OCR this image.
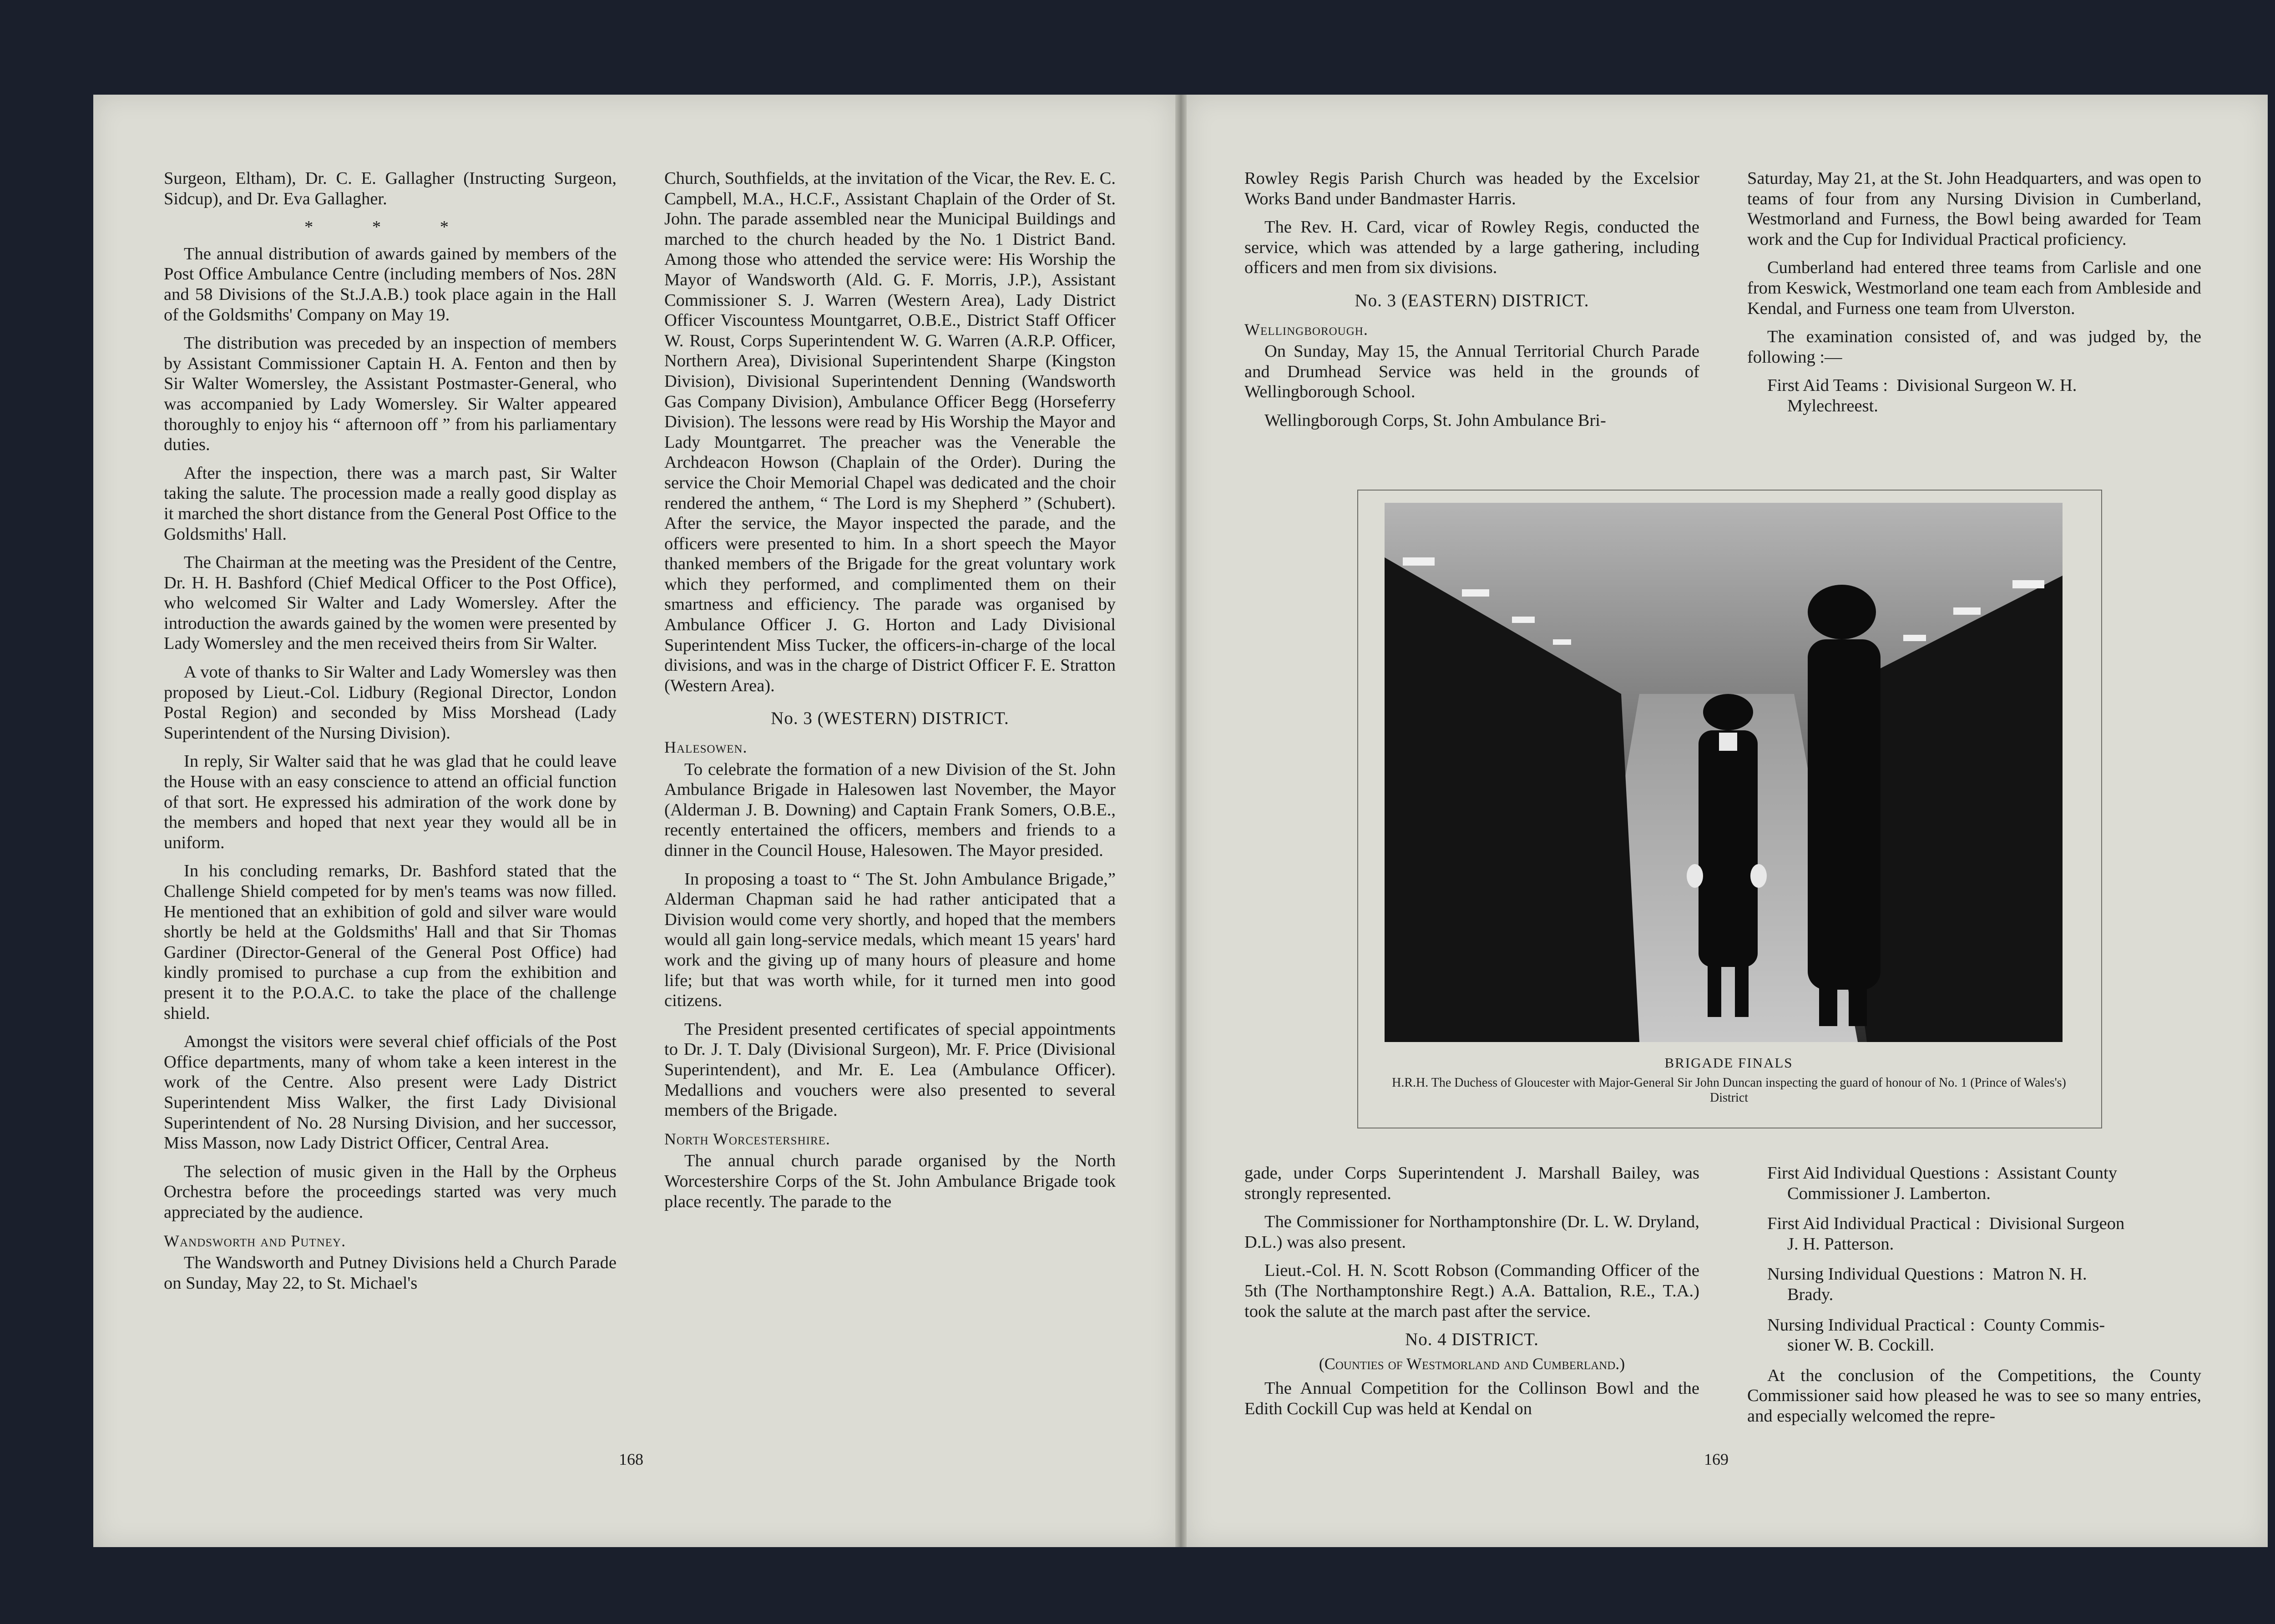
Surgeon, Eltham), Dr. C. E. Gallagher (Instructing Surgeon, Sidcup), and Dr. Eva Gallagher.

* * *

The annual distribution of awards gained by members of the Post Office Ambulance Centre (including members of Nos. 28N and 58 Divisions of the St.J.A.B.) took place again in the Hall of the Goldsmiths' Company on May 19.

The distribution was preceded by an inspection of members by Assistant Commissioner Captain H. A. Fenton and then by Sir Walter Womersley, the Assistant Postmaster-General, who was accompanied by Lady Womersley. Sir Walter appeared thoroughly to enjoy his “ afternoon off ” from his parliamentary duties.

After the inspection, there was a march past, Sir Walter taking the salute. The procession made a really good display as it marched the short distance from the General Post Office to the Goldsmiths' Hall.

The Chairman at the meeting was the President of the Centre, Dr. H. H. Bashford (Chief Medical Officer to the Post Office), who welcomed Sir Walter and Lady Womersley. After the introduction the awards gained by the women were presented by Lady Womersley and the men received theirs from Sir Walter.

A vote of thanks to Sir Walter and Lady Womersley was then proposed by Lieut.-Col. Lidbury (Regional Director, London Postal Region) and seconded by Miss Morshead (Lady Superintendent of the Nursing Division).

In reply, Sir Walter said that he was glad that he could leave the House with an easy conscience to attend an official function of that sort. He expressed his admiration of the work done by the members and hoped that next year they would all be in uniform.

In his concluding remarks, Dr. Bashford stated that the Challenge Shield competed for by men's teams was now filled. He mentioned that an exhibition of gold and silver ware would shortly be held at the Goldsmiths' Hall and that Sir Thomas Gardiner (Director-General of the General Post Office) had kindly promised to purchase a cup from the exhibition and present it to the P.O.A.C. to take the place of the challenge shield.

Amongst the visitors were several chief officials of the Post Office departments, many of whom take a keen interest in the work of the Centre. Also present were Lady District Superintendent Miss Walker, the first Lady Divisional Superintendent of No. 28 Nursing Division, and her successor, Miss Masson, now Lady District Officer, Central Area.

The selection of music given in the Hall by the Orpheus Orchestra before the proceedings started was very much appreciated by the audience.

Wandsworth and Putney.

The Wandsworth and Putney Divisions held a Church Parade on Sunday, May 22, to St. Michael's

Church, Southfields, at the invitation of the Vicar, the Rev. E. C. Campbell, M.A., H.C.F., Assistant Chaplain of the Order of St. John. The parade assembled near the Municipal Buildings and marched to the church headed by the No. 1 District Band. Among those who attended the service were: His Worship the Mayor of Wandsworth (Ald. G. F. Morris, J.P.), Assistant Commissioner S. J. Warren (Western Area), Lady District Officer Viscountess Mountgarret, O.B.E., District Staff Officer W. Roust, Corps Superintendent W. G. Warren (A.R.P. Officer, Northern Area), Divisional Superintendent Sharpe (Kingston Division), Divisional Superintendent Denning (Wandsworth Gas Company Division), Ambulance Officer Begg (Horseferry Division). The lessons were read by His Worship the Mayor and Lady Mountgarret. The preacher was the Venerable the Archdeacon Howson (Chaplain of the Order). During the service the Choir Memorial Chapel was dedicated and the choir rendered the anthem, “ The Lord is my Shepherd ” (Schubert). After the service, the Mayor inspected the parade, and the officers were presented to him. In a short speech the Mayor thanked members of the Brigade for the great voluntary work which they performed, and complimented them on their smartness and efficiency. The parade was organised by Ambulance Officer J. G. Horton and Lady Divisional Superintendent Miss Tucker, the officers-in-charge of the local divisions, and was in the charge of District Officer F. E. Stratton (Western Area).

No. 3 (WESTERN) DISTRICT.

Halesowen.

To celebrate the formation of a new Division of the St. John Ambulance Brigade in Halesowen last November, the Mayor (Alderman J. B. Downing) and Captain Frank Somers, O.B.E., recently entertained the officers, members and friends to a dinner in the Council House, Halesowen. The Mayor presided.

In proposing a toast to “ The St. John Ambulance Brigade,” Alderman Chapman said he had rather anticipated that a Division would come very shortly, and hoped that the members would all gain long-service medals, which meant 15 years' hard work and the giving up of many hours of pleasure and home life; but that was worth while, for it turned men into good citizens.

The President presented certificates of special appointments to Dr. J. T. Daly (Divisional Surgeon), Mr. F. Price (Divisional Superintendent), and Mr. E. Lea (Ambulance Officer). Medallions and vouchers were also presented to several members of the Brigade.

North Worcestershire.

The annual church parade organised by the North Worcestershire Corps of the St. John Ambulance Brigade took place recently. The parade to the

168

Rowley Regis Parish Church was headed by the Excelsior Works Band under Bandmaster Harris.

The Rev. H. Card, vicar of Rowley Regis, conducted the service, which was attended by a large gathering, including officers and men from six divisions.

No. 3 (EASTERN) DISTRICT.

Wellingborough.

On Sunday, May 15, the Annual Territorial Church Parade and Drumhead Service was held in the grounds of Wellingborough School.

Wellingborough Corps, St. John Ambulance Bri-

Saturday, May 21, at the St. John Headquarters, and was open to teams of four from any Nursing Division in Cumberland, Westmorland and Furness, the Bowl being awarded for Team work and the Cup for Individual Practical proficiency.

Cumberland had entered three teams from Carlisle and one from Keswick, Westmorland one team each from Ambleside and Kendal, and Furness one team from Ulverston.

The examination consisted of, and was judged by, the following :—

First Aid Teams : Divisional Surgeon W. H.
Mylechreest.

BRIGADE FINALS
H.R.H. The Duchess of Gloucester with Major-General Sir John Duncan inspecting the guard of honour of No. 1 (Prince of Wales's) District

gade, under Corps Superintendent J. Marshall Bailey, was strongly represented.

The Commissioner for Northamptonshire (Dr. L. W. Dryland, D.L.) was also present.

Lieut.-Col. H. N. Scott Robson (Commanding Officer of the 5th (The Northamptonshire Regt.) A.A. Battalion, R.E., T.A.) took the salute at the march past after the service.

No. 4 DISTRICT.
(Counties of Westmorland and Cumberland.)

The Annual Competition for the Collinson Bowl and the Edith Cockill Cup was held at Kendal on

First Aid Individual Questions : Assistant County
Commissioner J. Lamberton.

First Aid Individual Practical : Divisional Surgeon
J. H. Patterson.

Nursing Individual Questions : Matron N. H.
Brady.

Nursing Individual Practical : County Commis-
sioner W. B. Cockill.

At the conclusion of the Competitions, the County Commissioner said how pleased he was to see so many entries, and especially welcomed the repre-

169
